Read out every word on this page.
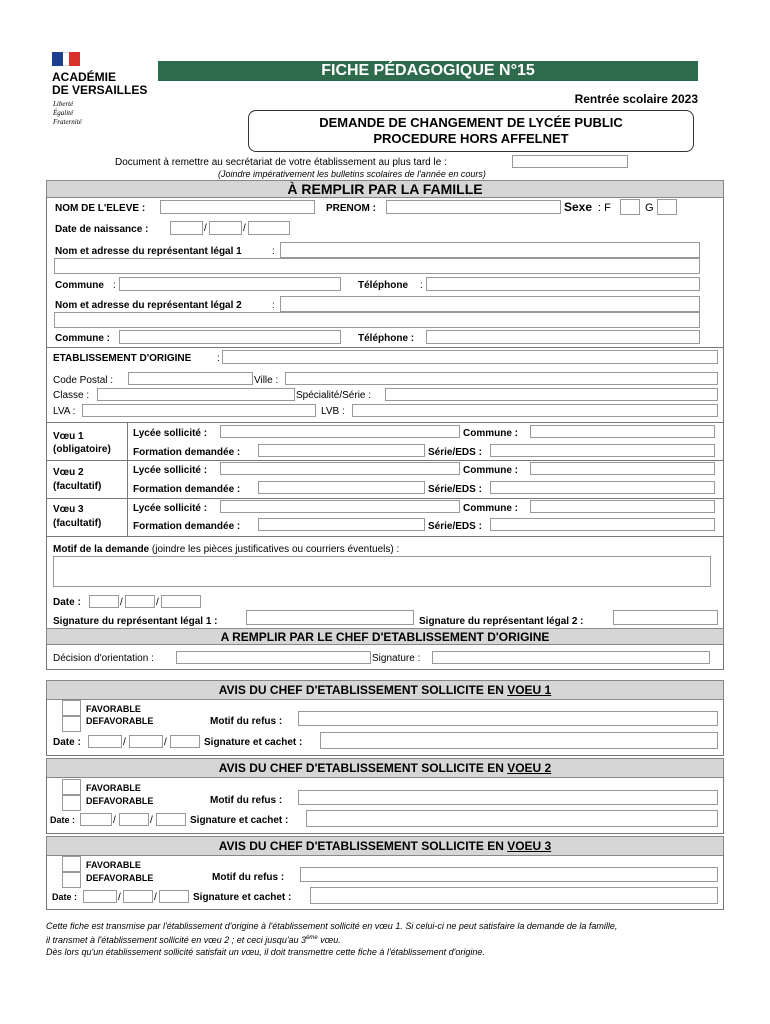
ACADÉMIE
DE VERSAILLES
Liberté
Égalité
Fraternité
FICHE PÉDAGOGIQUE N°15
Rentrée scolaire 2023
DEMANDE DE CHANGEMENT DE LYCÉE PUBLIC
PROCEDURE HORS AFFELNET
Document à remettre au secrétariat de votre établissement au plus tard le :
(Joindre impérativement les bulletins scolaires de l'année en cours)
À REMPLIR PAR LA FAMILLE
NOM DE L'ELEVE :	PRENOM :	Sexe : F	G
Date de naissance :	/	/
Nom et adresse du représentant légal 1	:
Commune :	Téléphone :
Nom et adresse du représentant légal 2	:
Commune :	Téléphone :
ETABLISSEMENT D'ORIGINE	:
Code Postal :	Ville :
Classe :	Spécialité/Série :
LVA :	LVB :
Vœu 1
(obligatoire)
Lycée sollicité :	Commune :
Formation demandée :	Série/EDS :
Vœu 2
(facultatif)
Lycée sollicité :	Commune :
Formation demandée :	Série/EDS :
Vœu 3
(facultatif)
Lycée sollicité :	Commune :
Formation demandée :	Série/EDS :
Motif de la demande (joindre les pièces justificatives ou courriers éventuels) :
Date :	/	/
Signature du représentant légal 1 :	Signature du représentant légal 2 :
A REMPLIR PAR LE CHEF D'ETABLISSEMENT D'ORIGINE
Décision d'orientation :	Signature :
AVIS DU CHEF D'ETABLISSEMENT SOLLICITE EN VOEU 1
FAVORABLE
DEFAVORABLE	Motif du refus :
Date :	/	/	Signature et cachet :
AVIS DU CHEF D'ETABLISSEMENT SOLLICITE EN VOEU 2
FAVORABLE
DEFAVORABLE	Motif du refus :
Date :	/	/	Signature et cachet :
AVIS DU CHEF D'ETABLISSEMENT SOLLICITE EN VOEU 3
FAVORABLE
DEFAVORABLE	Motif du refus :
Date :	/	/	Signature et cachet :
Cette fiche est transmise par l'établissement d'origine à l'établissement sollicité en vœu 1. Si celui-ci ne peut satisfaire la demande de la famille,
il transmet à l'établissement sollicité en vœu 2 ; et ceci jusqu'au 3ème vœu.
Dès lors qu'un établissement sollicité satisfait un vœu, il doit transmettre cette fiche à l'établissement d'origine.
